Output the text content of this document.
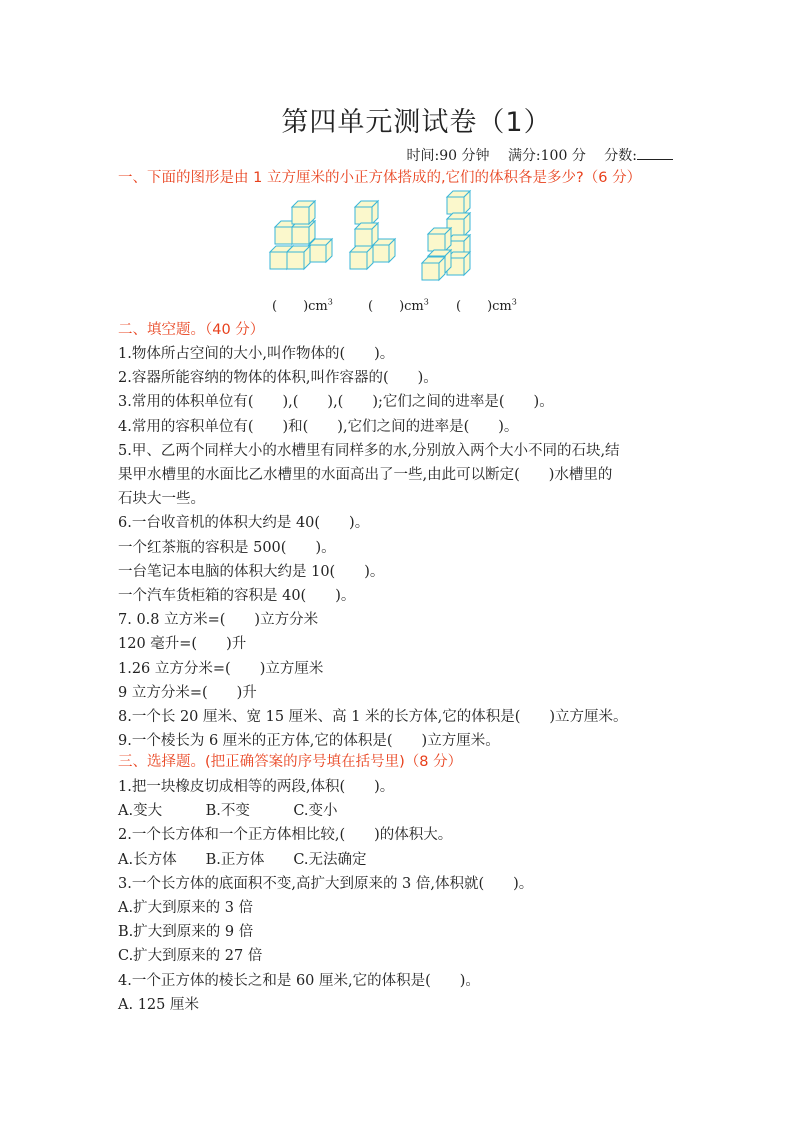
第四单元测试卷（1）
时间:90 分钟  满分:100 分  分数:
一、下面的图形是由 1 立方厘米的小正方体搭成的,它们的体积各是多少?（6 分）
(　　)$cm^3$	(　　)$cm^3$ (　　)$cm^3$
二、填空题。（40 分）
1.物体所占空间的大小,叫作物体的(　　)。
2.容器所能容纳的物体的体积,叫作容器的(　　)。
3.常用的体积单位有(　　),(　　),(　　);它们之间的进率是(　　)。
4.常用的容积单位有(　　)和(　　),它们之间的进率是(　　)。
5.甲、乙两个同样大小的水槽里有同样多的水,分别放入两个大小不同的石块,结
果甲水槽里的水面比乙水槽里的水面高出了一些,由此可以断定(　　)水槽里的
石块大一些。
6.一台收音机的体积大约是 40(　　)。
一个红茶瓶的容积是 500(　　)。
一台笔记本电脑的体积大约是 10(　　)。
一个汽车货柜箱的容积是 40(　　)。
7. 0.8 立方米=(　　)立方分米
120 毫升=(　　)升
1.26 立方分米=(　　)立方厘米
9 立方分米=(　　)升
8.一个长 20 厘米、宽 15 厘米、高 1 米的长方体,它的体积是(　　)立方厘米。
9.一个棱长为 6 厘米的正方体,它的体积是(　　)立方厘米。
三、选择题。(把正确答案的序号填在括号里)（8 分）
1.把一块橡皮切成相等的两段,体积(　　)。
A.变大　　　B.不变　　　C.变小
2.一个长方体和一个正方体相比较,(　　)的体积大。
A.长方体　　B.正方体　　C.无法确定
3.一个长方体的底面积不变,高扩大到原来的 3 倍,体积就(　　)。
A.扩大到原来的 3 倍
B.扩大到原来的 9 倍
C.扩大到原来的 27 倍
4.一个正方体的棱长之和是 60 厘米,它的体积是(　　)。
A. 125 厘米
